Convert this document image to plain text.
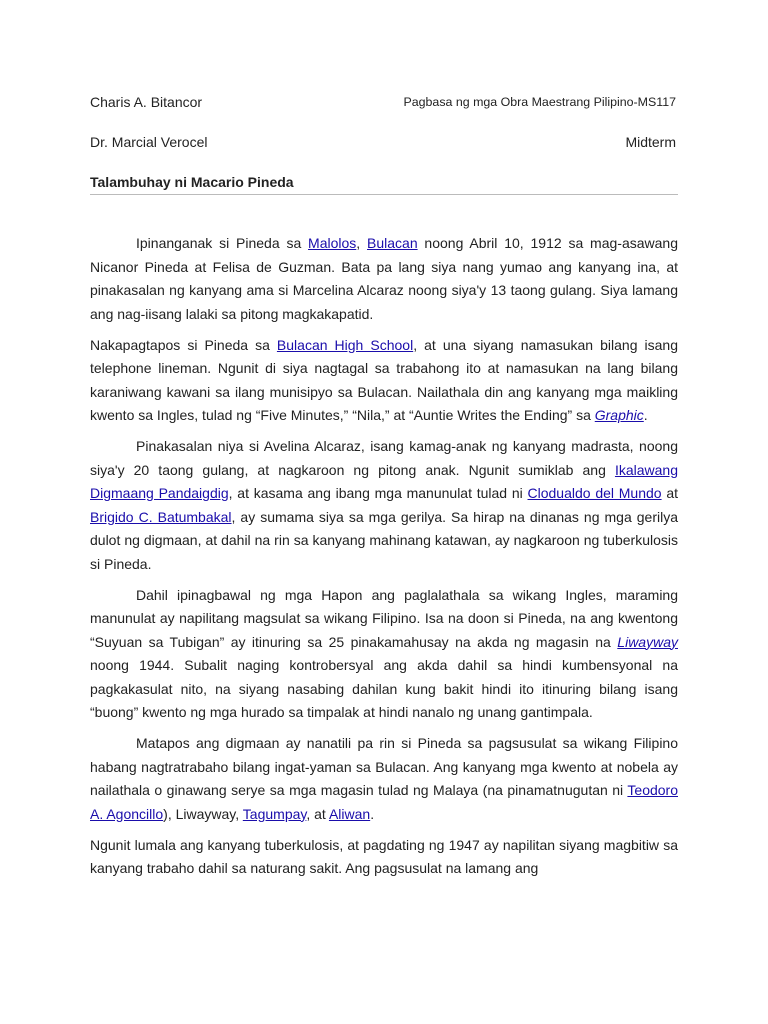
Charis A. Bitancor	Pagbasa ng mga Obra Maestrang Pilipino-MS117
Dr. Marcial Verocel	Midterm
Talambuhay ni Macario Pineda

Ipinanganak si Pineda sa Malolos, Bulacan noong Abril 10, 1912 sa mag-asawang Nicanor Pineda at Felisa de Guzman. Bata pa lang siya nang yumao ang kanyang ina, at pinakasalan ng kanyang ama si Marcelina Alcaraz noong siya'y 13 taong gulang. Siya lamang ang nag-iisang lalaki sa pitong magkakapatid.

Nakapagtapos si Pineda sa Bulacan High School, at una siyang namasukan bilang isang telephone lineman. Ngunit di siya nagtagal sa trabahong ito at namasukan na lang bilang karaniwang kawani sa ilang munisipyo sa Bulacan. Nailathala din ang kanyang mga maikling kwento sa Ingles, tulad ng “Five Minutes,” “Nila,” at “Auntie Writes the Ending” sa Graphic.

Pinakasalan niya si Avelina Alcaraz, isang kamag-anak ng kanyang madrasta, noong siya'y 20 taong gulang, at nagkaroon ng pitong anak. Ngunit sumiklab ang Ikalawang Digmaang Pandaigdig, at kasama ang ibang mga manunulat tulad ni Clodualdo del Mundo at Brigido C. Batumbakal, ay sumama siya sa mga gerilya. Sa hirap na dinanas ng mga gerilya dulot ng digmaan, at dahil na rin sa kanyang mahinang katawan, ay nagkaroon ng tuberkulosis si Pineda.

Dahil ipinagbawal ng mga Hapon ang paglalathala sa wikang Ingles, maraming manunulat ay napilitang magsulat sa wikang Filipino. Isa na doon si Pineda, na ang kwentong “Suyuan sa Tubigan” ay itinuring sa 25 pinakamahusay na akda ng magasin na Liwayway noong 1944. Subalit naging kontrobersyal ang akda dahil sa hindi kumbensyonal na pagkakasulat nito, na siyang nasabing dahilan kung bakit hindi ito itinuring bilang isang “buong” kwento ng mga hurado sa timpalak at hindi nanalo ng unang gantimpala.

Matapos ang digmaan ay nanatili pa rin si Pineda sa pagsusulat sa wikang Filipino habang nagtratrabaho bilang ingat-yaman sa Bulacan. Ang kanyang mga kwento at nobela ay nailathala o ginawang serye sa mga magasin tulad ng Malaya (na pinamatnugutan ni Teodoro A. Agoncillo), Liwayway, Tagumpay, at Aliwan.

Ngunit lumala ang kanyang tuberkulosis, at pagdating ng 1947 ay napilitan siyang magbitiw sa kanyang trabaho dahil sa naturang sakit. Ang pagsusulat na lamang ang
